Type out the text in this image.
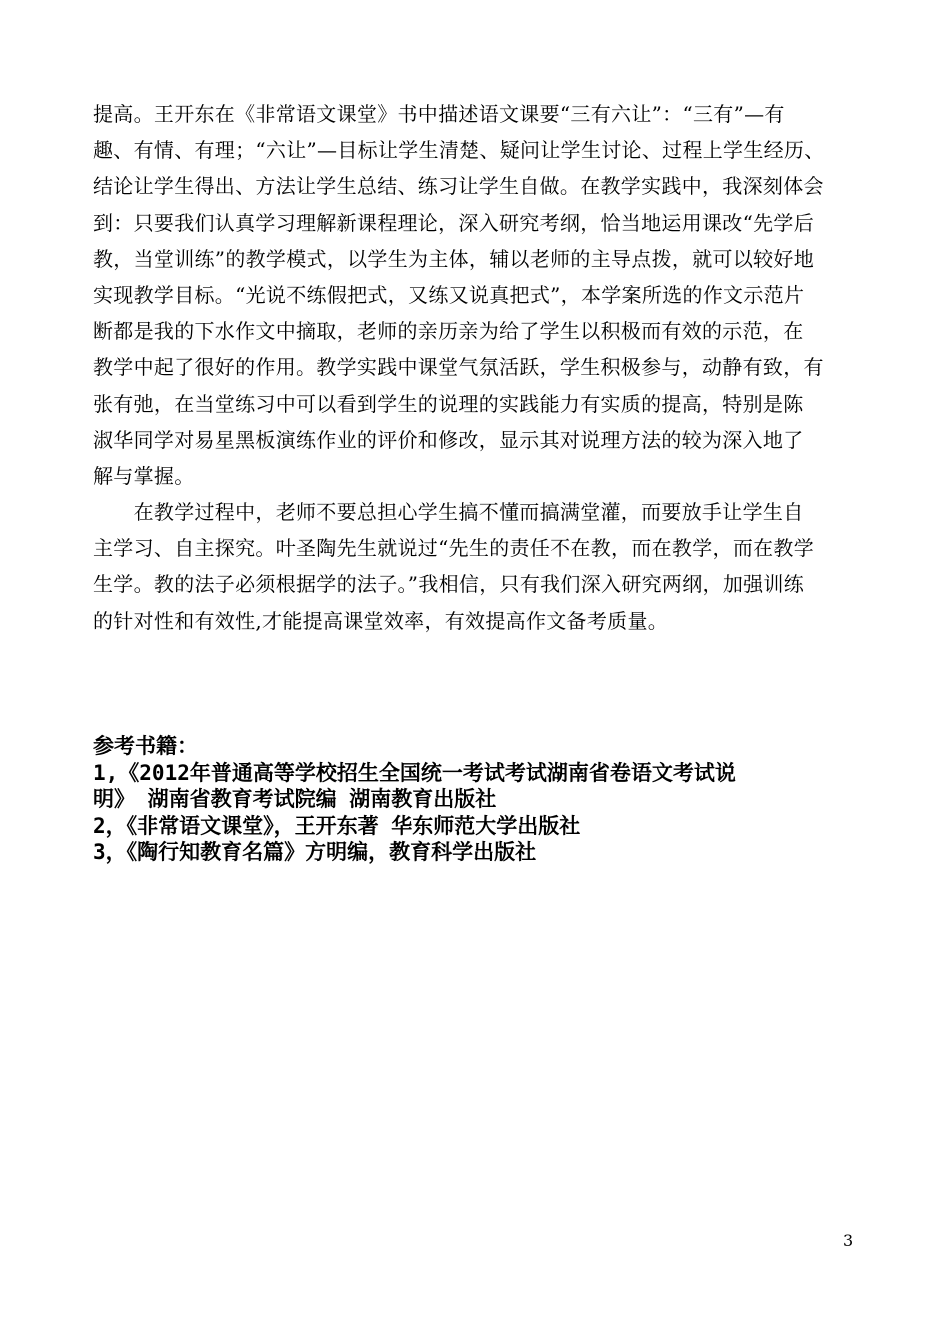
提高。王开东在《非常语文课堂》书中描述语文课要“三有六让”：“三有”—有
趣、有情、有理；“六让”—目标让学生清楚、疑问让学生讨论、过程上学生经历、
结论让学生得出、方法让学生总结、练习让学生自做。在教学实践中，我深刻体会
到：只要我们认真学习理解新课程理论，深入研究考纲，恰当地运用课改“先学后
教，当堂训练”的教学模式，以学生为主体，辅以老师的主导点拨，就可以较好地
实现教学目标。“光说不练假把式，又练又说真把式”，本学案所选的作文示范片
断都是我的下水作文中摘取，老师的亲历亲为给了学生以积极而有效的示范，在
教学中起了很好的作用。教学实践中课堂气氛活跃，学生积极参与，动静有致，有
张有弛，在当堂练习中可以看到学生的说理的实践能力有实质的提高，特别是陈
淑华同学对易星黑板演练作业的评价和修改，显示其对说理方法的较为深入地了
解与掌握。
　　在教学过程中，老师不要总担心学生搞不懂而搞满堂灌，而要放手让学生自
主学习、自主探究。叶圣陶先生就说过“先生的责任不在教，而在教学，而在教学
生学。教的法子必须根据学的法子。”我相信，只有我们深入研究两纲，加强训练
的针对性和有效性,才能提高课堂效率，有效提高作文备考质量。
参考书籍：
1,《2012年普通高等学校招生全国统一考试考试湖南省卷语文考试说
明》 湖南省教育考试院编 湖南教育出版社
2，《非常语文课堂》，王开东著 华东师范大学出版社
3，《陶行知教育名篇》方明编，教育科学出版社
3
